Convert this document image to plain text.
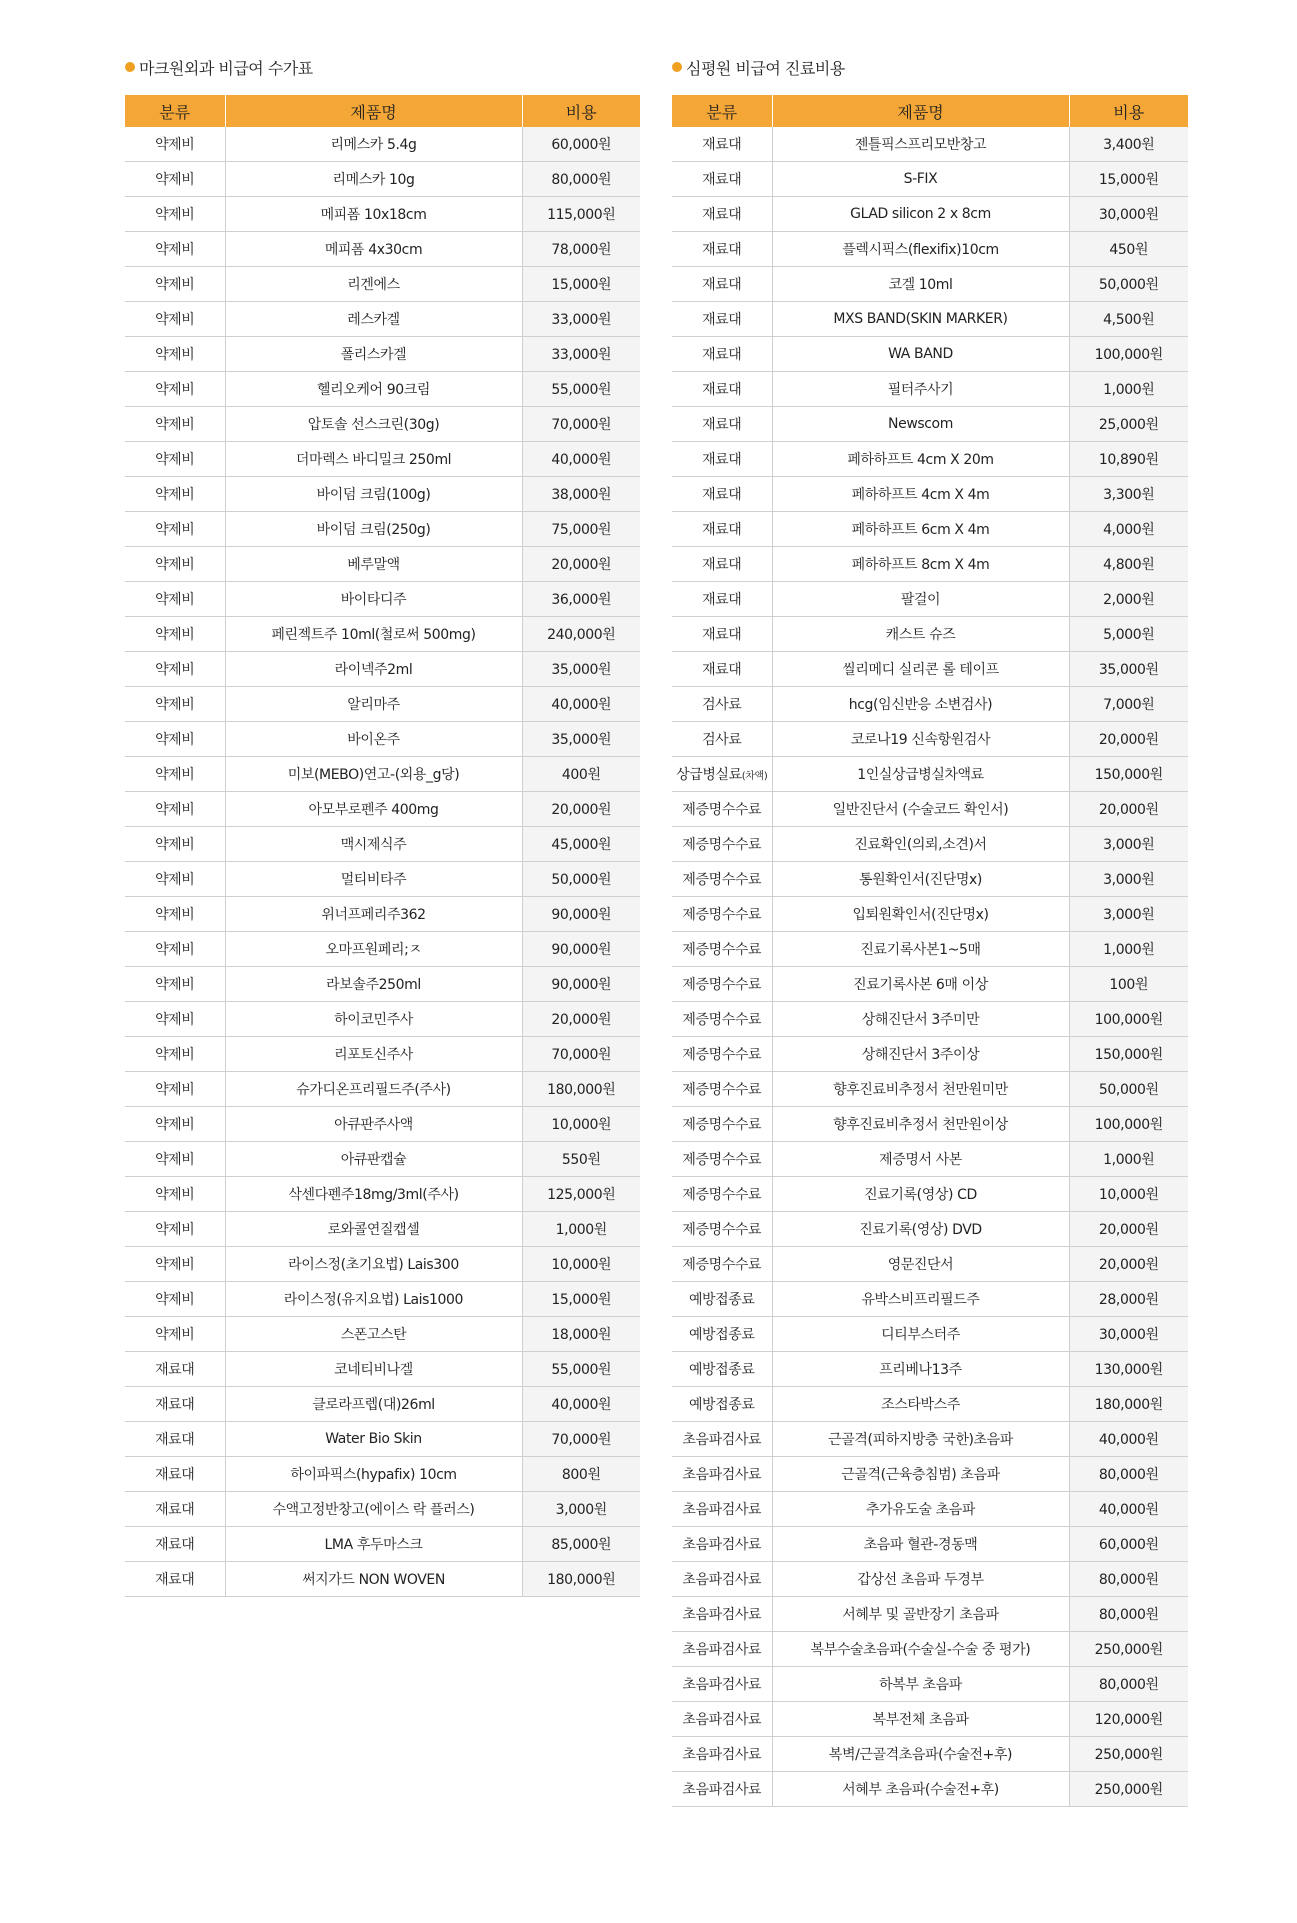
마크원외과 비급여 수가표
분류	제품명	비용
약제비	리메스카 5.4g	60,000원
약제비	리메스카 10g	80,000원
약제비	메피폼 10x18cm	115,000원
약제비	메피폼 4x30cm	78,000원
약제비	리겐에스	15,000원
약제비	레스카겔	33,000원
약제비	폴리스카겔	33,000원
약제비	헬리오케어 90크림	55,000원
약제비	압토솔 선스크린(30g)	70,000원
약제비	더마렉스 바디밀크 250ml	40,000원
약제비	바이덤 크림(100g)	38,000원
약제비	바이덤 크림(250g)	75,000원
약제비	베루말액	20,000원
약제비	바이타디주	36,000원
약제비	페린젝트주 10ml(철로써 500mg)	240,000원
약제비	라이넥주2ml	35,000원
약제비	알리마주	40,000원
약제비	바이온주	35,000원
약제비	미보(MEBO)연고-(외용_g당)	400원
약제비	아모부로펜주 400mg	20,000원
약제비	맥시제식주	45,000원
약제비	멀티비타주	50,000원
약제비	위너프페리주362	90,000원
약제비	오마프원페리;ㅈ	90,000원
약제비	라보솔주250ml	90,000원
약제비	하이코민주사	20,000원
약제비	리포토신주사	70,000원
약제비	슈가디온프리필드주(주사)	180,000원
약제비	아큐판주사액	10,000원
약제비	아큐판캡슐	550원
약제비	삭센다펜주18mg/3ml(주사)	125,000원
약제비	로와콜연질캡셀	1,000원
약제비	라이스정(초기요법) Lais300	10,000원
약제비	라이스정(유지요법) Lais1000	15,000원
약제비	스폰고스탄	18,000원
재료대	코네티비나겔	55,000원
재료대	클로라프렙(대)26ml	40,000원
재료대	Water Bio Skin	70,000원
재료대	하이파픽스(hypafix) 10cm	800원
재료대	수액고정반창고(에이스 락 플러스)	3,000원
재료대	LMA 후두마스크	85,000원
재료대	써지가드 NON WOVEN	180,000원
심평원 비급여 진료비용
분류	제품명	비용
재료대	젠틀픽스프리모반창고	3,400원
재료대	S-FIX	15,000원
재료대	GLAD silicon 2 x 8cm	30,000원
재료대	플렉시픽스(flexifix)10cm	450원
재료대	코겔 10ml	50,000원
재료대	MXS BAND(SKIN MARKER)	4,500원
재료대	WA BAND	100,000원
재료대	필터주사기	1,000원
재료대	Newscom	25,000원
재료대	페하하프트 4cm X 20m	10,890원
재료대	페하하프트 4cm X 4m	3,300원
재료대	페하하프트 6cm X 4m	4,000원
재료대	페하하프트 8cm X 4m	4,800원
재료대	팔걸이	2,000원
재료대	캐스트 슈즈	5,000원
재료대	씰리메디 실리콘 롤 테이프	35,000원
검사료	hcg(임신반응 소변검사)	7,000원
검사료	코로나19 신속항원검사	20,000원
상급병실료(차액)	1인실상급병실차액료	150,000원
제증명수수료	일반진단서 (수술코드 확인서)	20,000원
제증명수수료	진료확인(의뢰,소견)서	3,000원
제증명수수료	통원확인서(진단명x)	3,000원
제증명수수료	입퇴원확인서(진단명x)	3,000원
제증명수수료	진료기록사본1~5매	1,000원
제증명수수료	진료기록사본 6매 이상	100원
제증명수수료	상해진단서 3주미만	100,000원
제증명수수료	상해진단서 3주이상	150,000원
제증명수수료	향후진료비추정서 천만원미만	50,000원
제증명수수료	향후진료비추정서 천만원이상	100,000원
제증명수수료	제증명서 사본	1,000원
제증명수수료	진료기록(영상) CD	10,000원
제증명수수료	진료기록(영상) DVD	20,000원
제증명수수료	영문진단서	20,000원
예방접종료	유박스비프리필드주	28,000원
예방접종료	디티부스터주	30,000원
예방접종료	프리베나13주	130,000원
예방접종료	조스타박스주	180,000원
초음파검사료	근골격(피하지방층 국한)초음파	40,000원
초음파검사료	근골격(근육층침범) 초음파	80,000원
초음파검사료	추가유도술 초음파	40,000원
초음파검사료	초음파 혈관-경동맥	60,000원
초음파검사료	갑상선 초음파 두경부	80,000원
초음파검사료	서혜부 및 골반장기 초음파	80,000원
초음파검사료	복부수술초음파(수술실-수술 중 평가)	250,000원
초음파검사료	하복부 초음파	80,000원
초음파검사료	복부전체 초음파	120,000원
초음파검사료	복벽/근골격초음파(수술전+후)	250,000원
초음파검사료	서혜부 초음파(수술전+후)	250,000원
